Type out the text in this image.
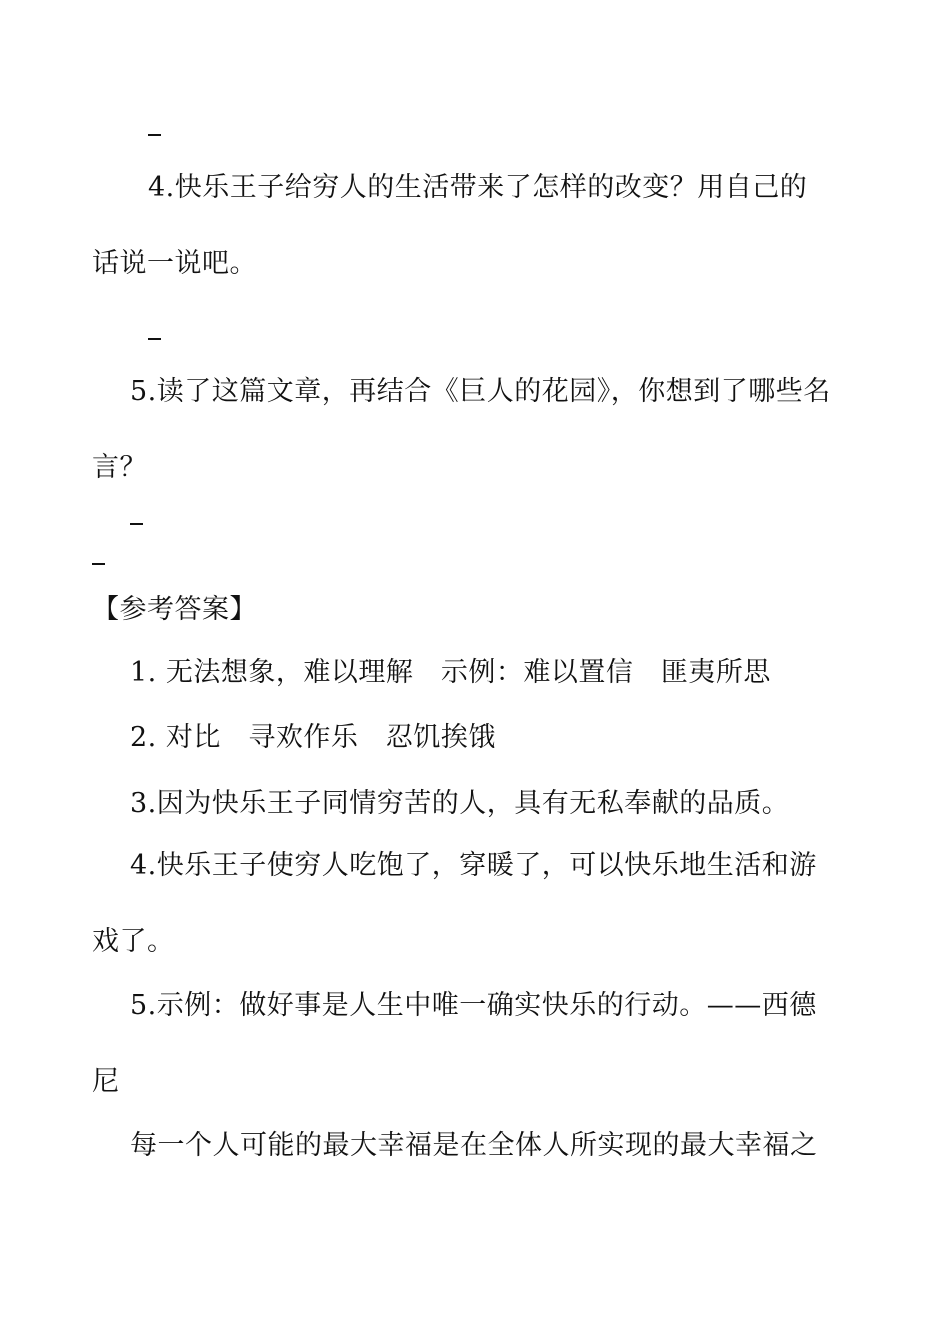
4.快乐王子给穷人的生活带来了怎样的改变？用自己的
话说一说吧。
5.读了这篇文章，再结合《巨人的花园》，你想到了哪些名
言？
【参考答案】
1. 无法想象，难以理解　示例：难以置信　匪夷所思
2. 对比　寻欢作乐　忍饥挨饿
3.因为快乐王子同情穷苦的人，具有无私奉献的品质。
4.快乐王子使穷人吃饱了，穿暖了，可以快乐地生活和游
戏了。
5.示例：做好事是人生中唯一确实快乐的行动。——西德
尼
每一个人可能的最大幸福是在全体人所实现的最大幸福之
